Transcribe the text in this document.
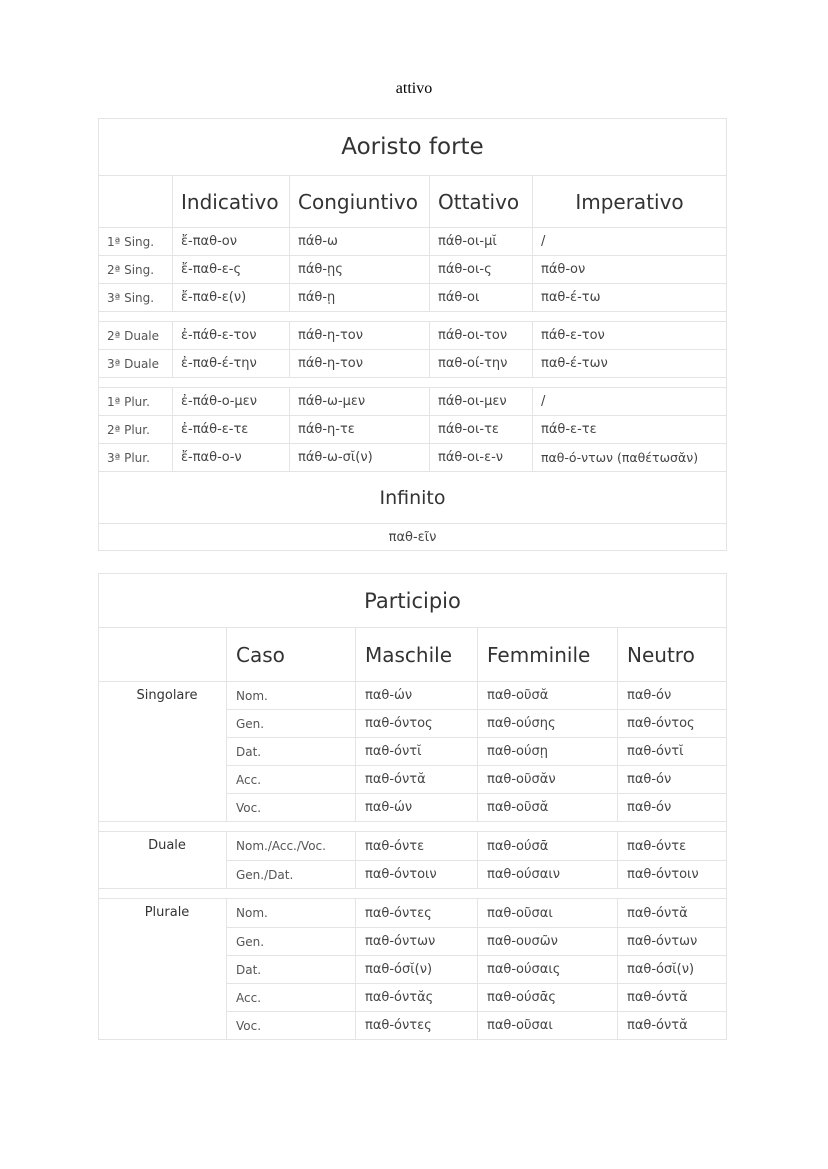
attivo
Aoristo forte				
	Indicativo	Congiuntivo	Ottativo	Imperativo
1ª Sing.	ἔ-παθ-ον	πάθ-ω	πάθ-οι-μῐ	/
2ª Sing.	ἔ-παθ-ε-ς	πάθ-ῃς	πάθ-οι-ς	πάθ-ον
3ª Sing.	ἔ-παθ-ε(ν)	πάθ-ῃ	πάθ-οι	παθ-έ-τω

2ª Duale	ἐ-πάθ-ε-τον	πάθ-η-τον	πάθ-οι-τον	πάθ-ε-τον
3ª Duale	ἐ-παθ-έ-την	πάθ-η-τον	παθ-οί-την	παθ-έ-των

1ª Plur.	ἐ-πάθ-ο-μεν	πάθ-ω-μεν	πάθ-οι-μεν	/
2ª Plur.	ἐ-πάθ-ε-τε	πάθ-η-τε	πάθ-οι-τε	πάθ-ε-τε
3ª Plur.	ἔ-παθ-ο-ν	πάθ-ω-σῐ(ν)	πάθ-οι-ε-ν	παθ-ό-ντων (παθέτωσᾰν)
Infinito				
παθ-εῖν				
Participio				
	Caso	Maschile	Femminile	Neutro
Singolare	Nom.	παθ-ών	παθ-οῦσᾰ	παθ-όν
	Gen.	παθ-όντος	παθ-ούσης	παθ-όντος
	Dat.	παθ-όντῐ	παθ-ούσῃ	παθ-όντῐ
	Acc.	παθ-όντᾰ	παθ-οῦσᾰν	παθ-όν
	Voc.	παθ-ών	παθ-οῦσᾰ	παθ-όν

Duale	Nom./Acc./Voc.	παθ-όντε	παθ-ούσᾱ	παθ-όντε
	Gen./Dat.	παθ-όντοιν	παθ-ούσαιν	παθ-όντοιν

Plurale	Nom.	παθ-όντες	παθ-οῦσαι	παθ-όντᾰ
	Gen.	παθ-όντων	παθ-ουσῶν	παθ-όντων
	Dat.	παθ-όσῐ(ν)	παθ-ούσαις	παθ-όσῐ(ν)
	Acc.	παθ-όντᾰς	παθ-ούσᾱς	παθ-όντᾰ
	Voc.	παθ-όντες	παθ-οῦσαι	παθ-όντᾰ
